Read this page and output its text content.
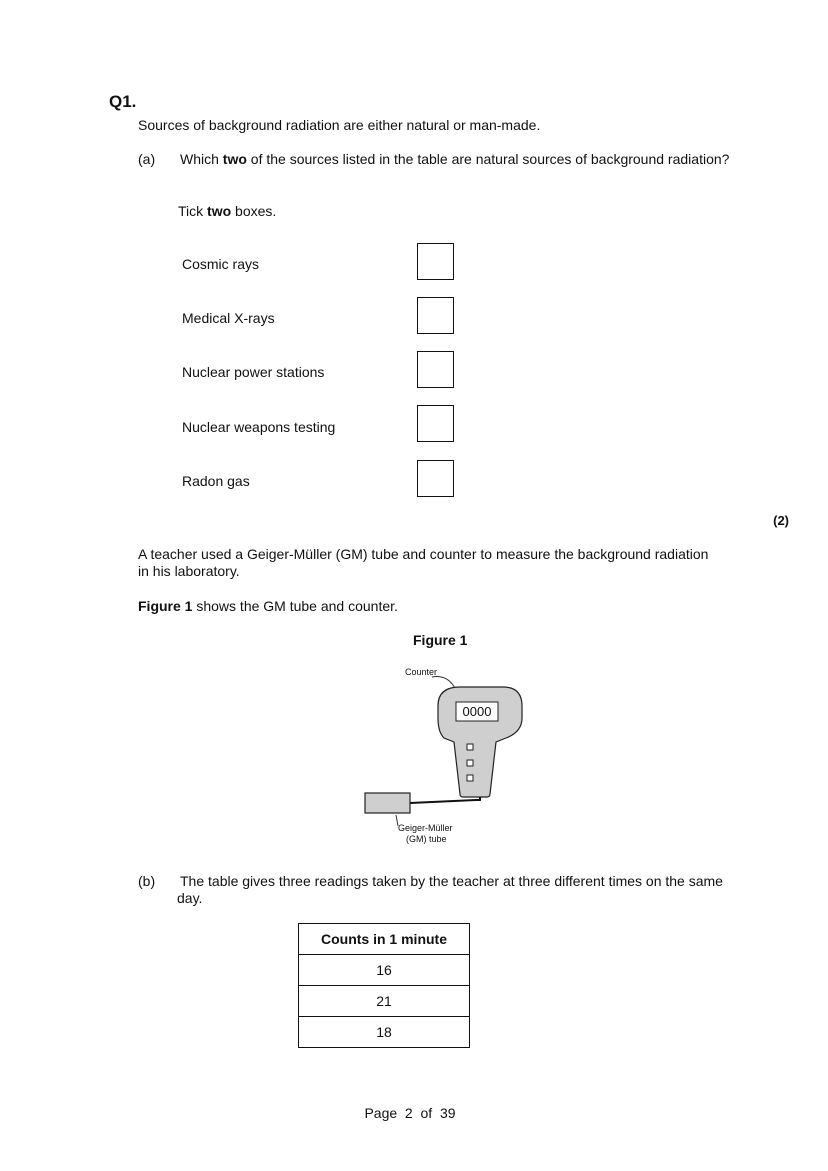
Q1.
Sources of background radiation are either natural or man-made.
(a) Which two of the sources listed in the table are natural sources of background radiation?
Tick two boxes.
Cosmic rays
Medical X-rays
Nuclear power stations
Nuclear weapons testing
Radon gas
(2)
A teacher used a Geiger-Müller (GM) tube and counter to measure the background radiation in his laboratory.
Figure 1 shows the GM tube and counter.
Figure 1
Counter
0000
Geiger-Müller
(GM) tube
(b) The table gives three readings taken by the teacher at three different times on the same day.
Counts in 1 minute
16
21
18
Page  2  of  39
